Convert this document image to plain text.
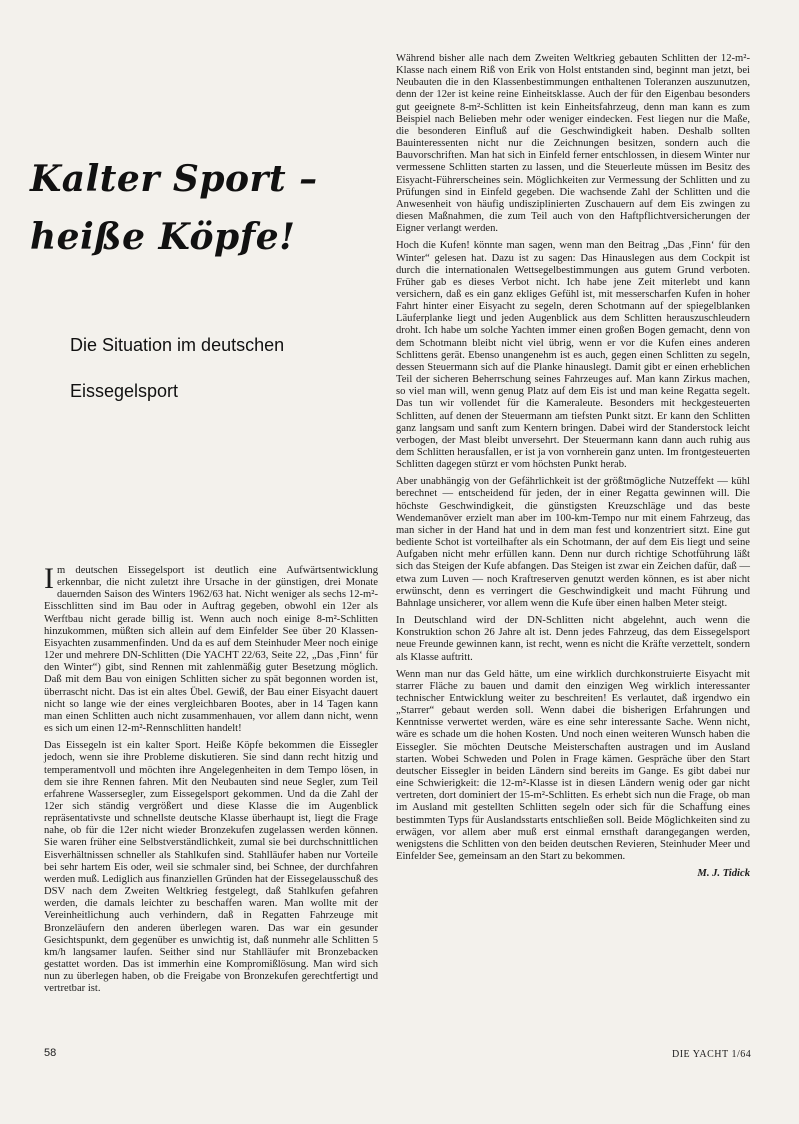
Kalter Sport –
heiße Köpfe!
Die Situation im deutschen
Eissegelsport

Im deutschen Eissegelsport ist deutlich eine Aufwärtsentwicklung erkennbar, die nicht zuletzt ihre Ursache in der günstigen, drei Monate dauernden Saison des Winters 1962/63 hat. Nicht weniger als sechs 12-m²-Eisschlitten sind im Bau oder in Auftrag gegeben, obwohl ein 12er als Werftbau nicht gerade billig ist. Wenn auch noch einige 8-m²-Schlitten hinzukommen, müßten sich allein auf dem Einfelder See über 20 Klassen-Eisyachten zusammenfinden. Und da es auf dem Steinhuder Meer noch einige 12er und mehrere DN-Schlitten (Die YACHT 22/63, Seite 22, „Das ‚Finn‘ für den Winter“) gibt, sind Rennen mit zahlenmäßig guter Besetzung möglich. Daß mit dem Bau von einigen Schlitten sicher zu spät begonnen worden ist, überrascht nicht. Das ist ein altes Übel. Gewiß, der Bau einer Eisyacht dauert nicht so lange wie der eines vergleichbaren Bootes, aber in 14 Tagen kann man einen Schlitten auch nicht zusammenhauen, vor allem dann nicht, wenn es sich um einen 12-m²-Rennschlitten handelt!

Das Eissegeln ist ein kalter Sport. Heiße Köpfe bekommen die Eissegler jedoch, wenn sie ihre Probleme diskutieren. Sie sind dann recht hitzig und temperamentvoll und möchten ihre Angelegenheiten in dem Tempo lösen, in dem sie ihre Rennen fahren. Mit den Neubauten sind neue Segler, zum Teil erfahrene Wassersegler, zum Eissegelsport gekommen. Und da die Zahl der 12er sich ständig vergrößert und diese Klasse die im Augenblick repräsentativste und schnellste deutsche Klasse überhaupt ist, liegt die Frage nahe, ob für die 12er nicht wieder Bronzekufen zugelassen werden können. Sie waren früher eine Selbstverständlichkeit, zumal sie bei durchschnittlichen Eisverhältnissen schneller als Stahlkufen sind. Stahlläufer haben nur Vorteile bei sehr hartem Eis oder, weil sie schmaler sind, bei Schnee, der durchfahren werden muß. Lediglich aus finanziellen Gründen hat der Eissegelausschuß des DSV nach dem Zweiten Weltkrieg festgelegt, daß Stahlkufen gefahren werden, die damals leichter zu beschaffen waren. Man wollte mit der Vereinheitlichung auch verhindern, daß in Regatten Fahrzeuge mit Bronzeläufern den anderen überlegen waren. Das war ein gesunder Gesichtspunkt, dem gegenüber es unwichtig ist, daß nunmehr alle Schlitten 5 km/h langsamer laufen. Seither sind nur Stahlläufer mit Bronzebacken gestattet worden. Das ist immerhin eine Kompromißlösung. Man wird sich nun zu überlegen haben, ob die Freigabe von Bronzekufen gerechtfertigt und vertretbar ist.

Während bisher alle nach dem Zweiten Weltkrieg gebauten Schlitten der 12-m²-Klasse nach einem Riß von Erik von Holst entstanden sind, beginnt man jetzt, bei Neubauten die in den Klassenbestimmungen enthaltenen Toleranzen auszunutzen, denn der 12er ist keine reine Einheitsklasse. Auch der für den Eigenbau besonders gut geeignete 8-m²-Schlitten ist kein Einheitsfahrzeug, denn man kann es zum Beispiel nach Belieben mehr oder weniger eindecken. Fest liegen nur die Maße, die besonderen Einfluß auf die Geschwindigkeit haben. Deshalb sollten Bauinteressenten nicht nur die Zeichnungen besitzen, sondern auch die Bauvorschriften. Man hat sich in Einfeld ferner entschlossen, in diesem Winter nur vermessene Schlitten starten zu lassen, und die Steuerleute müssen im Besitz des Eisyacht-Führerscheines sein. Möglichkeiten zur Vermessung der Schlitten und zu Prüfungen sind in Einfeld gegeben. Die wachsende Zahl der Schlitten und die Anwesenheit von häufig undisziplinierten Zuschauern auf dem Eis zwingen zu diesen Maßnahmen, die zum Teil auch von den Haftpflichtversicherungen der Eigner verlangt werden.

Hoch die Kufen! könnte man sagen, wenn man den Beitrag „Das ‚Finn‘ für den Winter“ gelesen hat. Dazu ist zu sagen: Das Hinauslegen aus dem Cockpit ist durch die internationalen Wettsegelbestimmungen aus gutem Grund verboten. Früher gab es dieses Verbot nicht. Ich habe jene Zeit miterlebt und kann versichern, daß es ein ganz ekliges Gefühl ist, mit messerscharfen Kufen in hoher Fahrt hinter einer Eisyacht zu segeln, deren Schotmann auf der spiegelblanken Läuferplanke liegt und jeden Augenblick aus dem Schlitten herauszuschleudern droht. Ich habe um solche Yachten immer einen großen Bogen gemacht, denn von dem Schotmann bleibt nicht viel übrig, wenn er vor die Kufen eines anderen Schlittens gerät. Ebenso unangenehm ist es auch, gegen einen Schlitten zu segeln, dessen Steuermann sich auf die Planke hinauslegt. Damit gibt er einen erheblichen Teil der sicheren Beherrschung seines Fahrzeuges auf. Man kann Zirkus machen, so viel man will, wenn genug Platz auf dem Eis ist und man keine Regatta segelt. Das tun wir vollendet für die Kameraleute. Besonders mit heckgesteuerten Schlitten, auf denen der Steuermann am tiefsten Punkt sitzt. Er kann den Schlitten ganz langsam und sanft zum Kentern bringen. Dabei wird der Standerstock leicht verbogen, der Mast bleibt unversehrt. Der Steuermann kann dann auch ruhig aus dem Schlitten herausfallen, er ist ja von vornherein ganz unten. Im frontgesteuerten Schlitten dagegen stürzt er vom höchsten Punkt herab.

Aber unabhängig von der Gefährlichkeit ist der größtmögliche Nutzeffekt — kühl berechnet — entscheidend für jeden, der in einer Regatta gewinnen will. Die höchste Geschwindigkeit, die günstigsten Kreuzschläge und das beste Wendemanöver erzielt man aber im 100-km-Tempo nur mit einem Fahrzeug, das man sicher in der Hand hat und in dem man fest und konzentriert sitzt. Eine gut bediente Schot ist vorteilhafter als ein Schotmann, der auf dem Eis liegt und seine Aufgaben nicht mehr erfüllen kann. Denn nur durch richtige Schotführung läßt sich das Steigen der Kufe abfangen. Das Steigen ist zwar ein Zeichen dafür, daß — etwa zum Luven — noch Kraftreserven genutzt werden können, es ist aber nicht erwünscht, denn es verringert die Geschwindigkeit und macht Führung und Bahnlage unsicherer, vor allem wenn die Kufe über einen halben Meter steigt.

In Deutschland wird der DN-Schlitten nicht abgelehnt, auch wenn die Konstruktion schon 26 Jahre alt ist. Denn jedes Fahrzeug, das dem Eissegelsport neue Freunde gewinnen kann, ist recht, wenn es nicht die Kräfte verzettelt, sondern als Klasse auftritt.

Wenn man nur das Geld hätte, um eine wirklich durchkonstruierte Eisyacht mit starrer Fläche zu bauen und damit den einzigen Weg wirklich interessanter technischer Entwicklung weiter zu beschreiten! Es verlautet, daß irgendwo ein „Starrer“ gebaut werden soll. Wenn dabei die bisherigen Erfahrungen und Kenntnisse verwertet werden, wäre es eine sehr interessante Sache. Wenn nicht, wäre es schade um die hohen Kosten. Und noch einen weiteren Wunsch haben die Eissegler. Sie möchten Deutsche Meisterschaften austragen und im Ausland starten. Wobei Schweden und Polen in Frage kämen. Gespräche über den Start deutscher Eissegler in beiden Ländern sind bereits im Gange. Es gibt dabei nur eine Schwierigkeit: die 12-m²-Klasse ist in diesen Ländern wenig oder gar nicht vertreten, dort dominiert der 15-m²-Schlitten. Es erhebt sich nun die Frage, ob man im Ausland mit gestellten Schlitten segeln oder sich für die Schaffung eines bestimmten Typs für Auslandsstarts entschließen soll. Beide Möglichkeiten sind zu erwägen, vor allem aber muß erst einmal ernsthaft darangegangen werden, wenigstens die Schlitten von den beiden deutschen Revieren, Steinhuder Meer und Einfelder See, gemeinsam an den Start zu bekommen.

M. J. Tidick

58	DIE YACHT 1/64
